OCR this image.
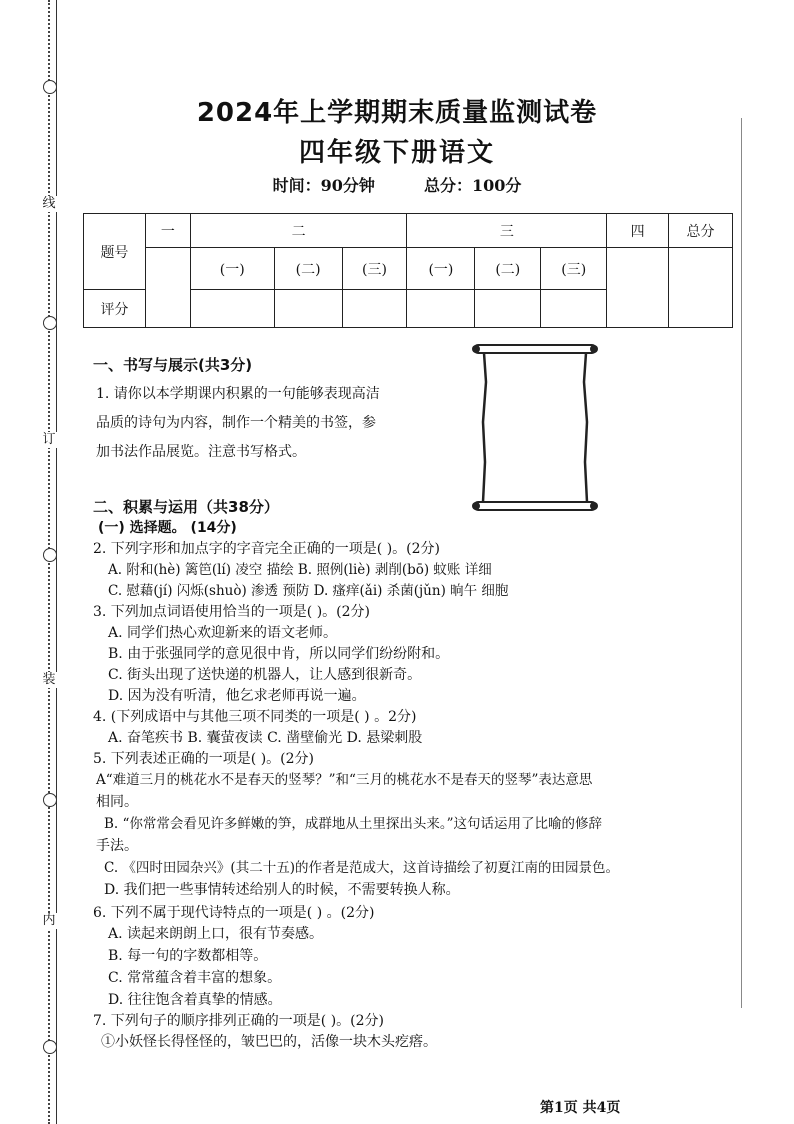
线
订
装
内
2024年上学期期末质量监测试卷
四年级下册语文
时间：90分钟	总分：100分
题号	一	二			三			四	总分
		(一)	(二)	(三)	(一)	(二)	(三)		
评分									
一、书写与展示(共3分)
1. 请你以本学期课内积累的一句能够表现高洁
品质的诗句为内容，制作一个精美的书签，参
加书法作品展览。注意书写格式。
二、积累与运用（共38分）
(一) 选择题。 (14分)
2. 下列字形和加点字的字音完全正确的一项是( )。(2分)
A. 附和(hè) 篱笆(lí) 凌空 描绘 B. 照例(liè) 剥削(bō) 蚊账 详细
C. 慰藉(jí) 闪烁(shuò) 渗透 预防 D. 瘙痒(ǎi) 杀菌(jǔn) 晌午 细胞
3. 下列加点词语使用恰当的一项是( )。(2分)
A. 同学们热心欢迎新来的语文老师。
B. 由于张强同学的意见很中肯，所以同学们纷纷附和。
C. 街头出现了送快递的机器人，让人感到很新奇。
D. 因为没有听清，他乞求老师再说一遍。
4. (下列成语中与其他三项不同类的一项是( ) 。2分)
A. 奋笔疾书 B. 囊萤夜读 C. 凿壁偷光 D. 悬梁刺股
5. 下列表述正确的一项是( )。(2分)
A“难道三月的桃花水不是春天的竖琴？”和“三月的桃花水不是春天的竖琴”表达意思
相同。
B. “你常常会看见许多鲜嫩的笋，成群地从土里探出头来。”这句话运用了比喻的修辞
手法。
C. 《四时田园杂兴》(其二十五)的作者是范成大，这首诗描绘了初夏江南的田园景色。
D. 我们把一些事情转述给别人的时候，不需要转换人称。
6. 下列不属于现代诗特点的一项是( ) 。(2分)
A. 读起来朗朗上口，很有节奏感。
B. 每一句的字数都相等。
C. 常常蕴含着丰富的想象。
D. 往往饱含着真挚的情感。
7. 下列句子的顺序排列正确的一项是( )。(2分)
①小妖怪长得怪怪的，皱巴巴的，活像一块木头疙瘩。
第1页 共4页
